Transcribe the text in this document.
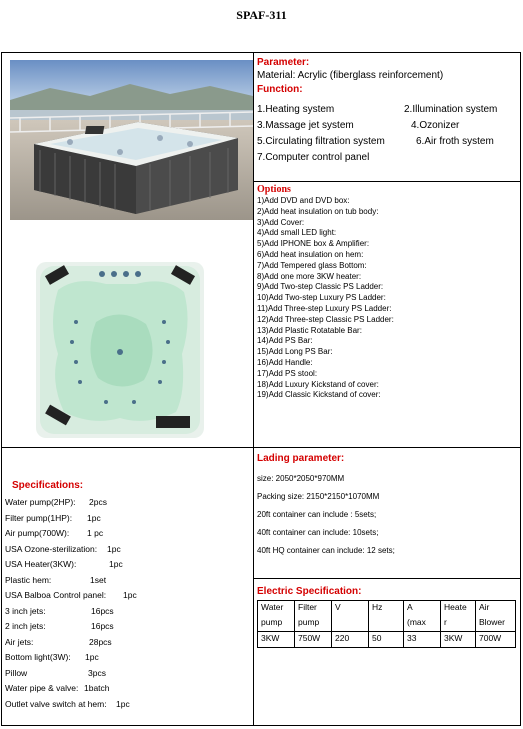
SPAF-311
Parameter:
Material: Acrylic (fiberglass reinforcement)
Function:
1.Heating system	2.Illumination system
3.Massage jet system	4.Ozonizer
5.Circulating filtration system	6.Air froth system
7.Computer control panel
Options
1)Add DVD and DVD box:
2)Add heat insulation on tub body:
3)Add Cover:
4)Add small LED light:
5)Add IPHONE box & Amplifier:
6)Add heat insulation on hem:
7)Add Tempered glass Bottom:
8)Add one more 3KW heater:
9)Add Two-step Classic PS Ladder:
10)Add Two-step Luxury PS Ladder:
11)Add Three-step Luxury PS Ladder:
12)Add Three-step Classic PS Ladder:
13)Add Plastic Rotatable Bar:
14)Add PS Bar:
15)Add Long PS Bar:
16)Add Handle:
17)Add PS stool:
18)Add Luxury Kickstand of cover:
19)Add Classic Kickstand of cover:
Specifications:
Water pump(2HP): 2pcs
Filter pump(1HP): 1pc
Air pump(700W): 1 pc
USA Ozone-sterilization: 1pc
USA Heater(3KW):	1pc
Plastic hem:	1set
USA Balboa Control panel: 1pc
3 inch jets:	16pcs
2 inch jets:	16pcs
Air jets:	28pcs
Bottom light(3W): 1pc
Pillow	3pcs
Water pipe & valve: 1batch
Outlet valve switch at hem: 1pc
Lading parameter:
size: 2050*2050*970MM
Packing size: 2150*2150*1070MM
20ft container can include : 5sets;
40ft container can include: 10sets;
40ft HQ container can include: 12 sets;
Electric Specification:
Water	Filter	V	Hz	A	Heate	Air
pump	pump			(max	r	Blower
3KW	750W	220	50	33	3KW	700W
